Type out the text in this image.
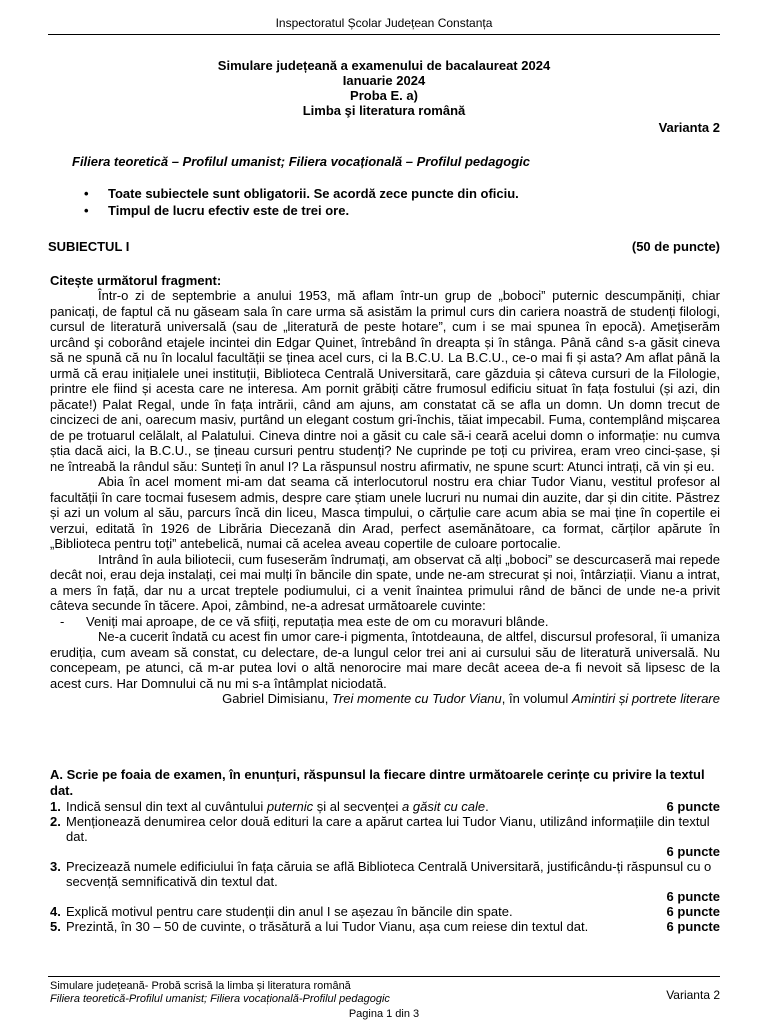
Inspectoratul Școlar Județean Constanța
Simulare județeană a examenului de bacalaureat 2024
Ianuarie 2024
Proba E. a)
Limba şi literatura română
Varianta 2
Filiera teoretică – Profilul umanist; Filiera vocațională – Profilul pedagogic
• Toate subiectele sunt obligatorii. Se acordă zece puncte din oficiu.
• Timpul de lucru efectiv este de trei ore.
SUBIECTUL I	(50 de puncte)
Citește următorul fragment:

Într-o zi de septembrie a anului 1953, mă aflam într-un grup de „boboci” puternic descumpăniți, chiar panicați, de faptul că nu găseam sala în care urma să asistăm la primul curs din cariera noastră de studenți filologi, cursul de literatură universală (sau de „literatură de peste hotare”, cum i se mai spunea în epocă). Ameţiserăm urcând şi coborând etajele incintei din Edgar Quinet, întrebând în dreapta și în stânga. Până când s-a găsit cineva să ne spună că nu în localul facultății se ținea acel curs, ci la B.C.U. La B.C.U., ce-o mai fi și asta? Am aflat până la urmă că erau inițialele unei instituții, Biblioteca Centrală Universitară, care găzduia și câteva cursuri de la Filologie, printre ele fiind și acesta care ne interesa. Am pornit grăbiți către frumosul edificiu situat în fața fostului (și azi, din păcate!) Palat Regal, unde în fața intrării, când am ajuns, am constatat că se afla un domn. Un domn trecut de cincizeci de ani, oarecum masiv, purtând un elegant costum gri-închis, tăiat impecabil. Fuma, contemplând mișcarea de pe trotuarul celălalt, al Palatului. Cineva dintre noi a găsit cu cale să-i ceară acelui domn o informație: nu cumva știa dacă aici, la B.C.U., se țineau cursuri pentru studenți? Ne cuprinde pe toți cu privirea, eram vreo cinci-șase, și ne întreabă la rândul său: Sunteți în anul I? La răspunsul nostru afirmativ, ne spune scurt: Atunci intrați, că vin și eu.

Abia în acel moment mi-am dat seama că interlocutorul nostru era chiar Tudor Vianu, vestitul profesor al facultății în care tocmai fusesem admis, despre care știam unele lucruri nu numai din auzite, dar și din citite. Păstrez și azi un volum al său, parcurs încă din liceu, Masca timpului, o cărțulie care acum abia se mai ține în copertile ei verzui, editată în 1926 de Librăria Diecezană din Arad, perfect asemănătoare, ca format, cărților apărute în „Biblioteca pentru toți” antebelică, numai că acelea aveau copertile de culoare portocalie.

Intrând în aula biliotecii, cum fuseserăm îndrumați, am observat că alți „boboci” se descurcaseră mai repede decât noi, erau deja instalați, cei mai mulți în băncile din spate, unde ne-am strecurat și noi, întârziații. Vianu a intrat, a mers în față, dar nu a urcat treptele podiumului, ci a venit înaintea primului rând de bănci de unde ne-a privit câteva secunde în tăcere. Apoi, zâmbind, ne-a adresat următoarele cuvinte:

- Veniți mai aproape, de ce vă sfiiți, reputația mea este de om cu moravuri blânde.

Ne-a cucerit îndată cu acest fin umor care-i pigmenta, întotdeauna, de altfel, discursul profesoral, îi umaniza erudiția, cum aveam să constat, cu delectare, de-a lungul celor trei ani ai cursului său de literatură universală. Nu concepeam, pe atunci, că m-ar putea lovi o altă nenorocire mai mare decât aceea de-a fi nevoit să lipsesc de la acest curs. Har Domnului că nu mi s-a întâmplat niciodată.

Gabriel Dimisianu, Trei momente cu Tudor Vianu, în volumul Amintiri și portrete literare

A. Scrie pe foaia de examen, în enunțuri, răspunsul la fiecare dintre următoarele cerințe cu privire la textul dat.
1. Indică sensul din text al cuvântului puternic și al secvenței a găsit cu cale.	6 puncte
2. Menționează denumirea celor două edituri la care a apărut cartea lui Tudor Vianu, utilizând informațiile din textul dat.
6 puncte
3. Precizează numele edificiului în fața căruia se află Biblioteca Centrală Universitară, justificându-ți răspunsul cu o secvență semnificativă din textul dat.
6 puncte
4. Explică motivul pentru care studenții din anul I se așezau în băncile din spate.	6 puncte
5. Prezintă, în 30 – 50 de cuvinte, o trăsătură a lui Tudor Vianu, așa cum reiese din textul dat.	6 puncte
Simulare județeană- Probă scrisă la limba și literatura română
Filiera teoretică-Profilul umanist; Filiera vocațională-Profilul pedagogic	Varianta 2
Pagina 1 din 3
